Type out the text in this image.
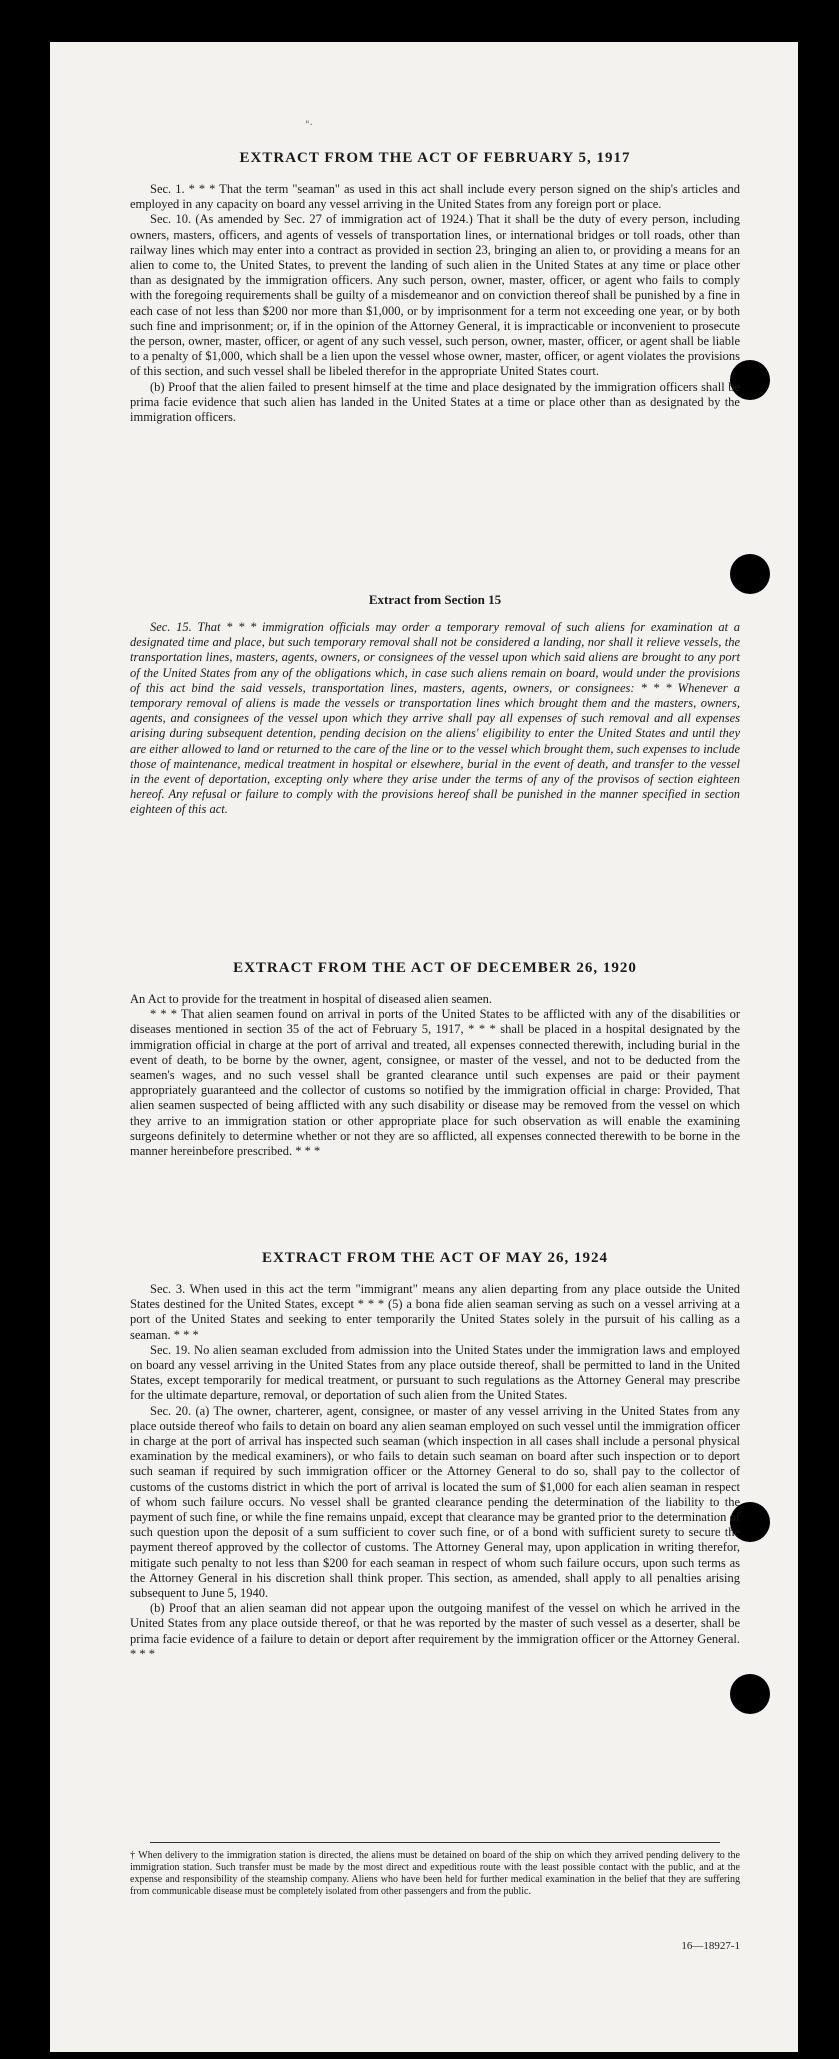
"·
EXTRACT FROM THE ACT OF FEBRUARY 5, 1917

Sec. 1. * * * That the term "seaman" as used in this act shall include every person signed on the ship's articles and employed in any capacity on board any vessel arriving in the United States from any foreign port or place.

Sec. 10. (As amended by Sec. 27 of immigration act of 1924.) That it shall be the duty of every person, including owners, masters, officers, and agents of vessels of transportation lines, or international bridges or toll roads, other than railway lines which may enter into a contract as provided in section 23, bringing an alien to, or providing a means for an alien to come to, the United States, to prevent the landing of such alien in the United States at any time or place other than as designated by the immigration officers. Any such person, owner, master, officer, or agent who fails to comply with the foregoing requirements shall be guilty of a misdemeanor and on conviction thereof shall be punished by a fine in each case of not less than $200 nor more than $1,000, or by imprisonment for a term not exceeding one year, or by both such fine and imprisonment; or, if in the opinion of the Attorney General, it is impracticable or inconvenient to prosecute the person, owner, master, officer, or agent of any such vessel, such person, owner, master, officer, or agent shall be liable to a penalty of $1,000, which shall be a lien upon the vessel whose owner, master, officer, or agent violates the provisions of this section, and such vessel shall be libeled therefor in the appropriate United States court.

(b) Proof that the alien failed to present himself at the time and place designated by the immigration officers shall be prima facie evidence that such alien has landed in the United States at a time or place other than as designated by the immigration officers.

Extract from Section 15

Sec. 15. That * * * immigration officials may order a temporary removal of such aliens for examination at a designated time and place, but such temporary removal shall not be considered a landing, nor shall it relieve vessels, the transportation lines, masters, agents, owners, or consignees of the vessel upon which said aliens are brought to any port of the United States from any of the obligations which, in case such aliens remain on board, would under the provisions of this act bind the said vessels, transportation lines, masters, agents, owners, or consignees: * * * Whenever a temporary removal of aliens is made the vessels or transportation lines which brought them and the masters, owners, agents, and consignees of the vessel upon which they arrive shall pay all expenses of such removal and all expenses arising during subsequent detention, pending decision on the aliens' eligibility to enter the United States and until they are either allowed to land or returned to the care of the line or to the vessel which brought them, such expenses to include those of maintenance, medical treatment in hospital or elsewhere, burial in the event of death, and transfer to the vessel in the event of deportation, excepting only where they arise under the terms of any of the provisos of section eighteen hereof. Any refusal or failure to comply with the provisions hereof shall be punished in the manner specified in section eighteen of this act.

EXTRACT FROM THE ACT OF DECEMBER 26, 1920

An Act to provide for the treatment in hospital of diseased alien seamen.

* * * That alien seamen found on arrival in ports of the United States to be afflicted with any of the disabilities or diseases mentioned in section 35 of the act of February 5, 1917, * * * shall be placed in a hospital designated by the immigration official in charge at the port of arrival and treated, all expenses connected therewith, including burial in the event of death, to be borne by the owner, agent, consignee, or master of the vessel, and not to be deducted from the seamen's wages, and no such vessel shall be granted clearance until such expenses are paid or their payment appropriately guaranteed and the collector of customs so notified by the immigration official in charge: Provided, That alien seamen suspected of being afflicted with any such disability or disease may be removed from the vessel on which they arrive to an immigration station or other appropriate place for such observation as will enable the examining surgeons definitely to determine whether or not they are so afflicted, all expenses connected therewith to be borne in the manner hereinbefore prescribed. * * *

EXTRACT FROM THE ACT OF MAY 26, 1924

Sec. 3. When used in this act the term "immigrant" means any alien departing from any place outside the United States destined for the United States, except * * * (5) a bona fide alien seaman serving as such on a vessel arriving at a port of the United States and seeking to enter temporarily the United States solely in the pursuit of his calling as a seaman. * * *

Sec. 19. No alien seaman excluded from admission into the United States under the immigration laws and employed on board any vessel arriving in the United States from any place outside thereof, shall be permitted to land in the United States, except temporarily for medical treatment, or pursuant to such regulations as the Attorney General may prescribe for the ultimate departure, removal, or deportation of such alien from the United States.

Sec. 20. (a) The owner, charterer, agent, consignee, or master of any vessel arriving in the United States from any place outside thereof who fails to detain on board any alien seaman employed on such vessel until the immigration officer in charge at the port of arrival has inspected such seaman (which inspection in all cases shall include a personal physical examination by the medical examiners), or who fails to detain such seaman on board after such inspection or to deport such seaman if required by such immigration officer or the Attorney General to do so, shall pay to the collector of customs of the customs district in which the port of arrival is located the sum of $1,000 for each alien seaman in respect of whom such failure occurs. No vessel shall be granted clearance pending the determination of the liability to the payment of such fine, or while the fine remains unpaid, except that clearance may be granted prior to the determination of such question upon the deposit of a sum sufficient to cover such fine, or of a bond with sufficient surety to secure the payment thereof approved by the collector of customs. The Attorney General may, upon application in writing therefor, mitigate such penalty to not less than $200 for each seaman in respect of whom such failure occurs, upon such terms as the Attorney General in his discretion shall think proper. This section, as amended, shall apply to all penalties arising subsequent to June 5, 1940.

(b) Proof that an alien seaman did not appear upon the outgoing manifest of the vessel on which he arrived in the United States from any place outside thereof, or that he was reported by the master of such vessel as a deserter, shall be prima facie evidence of a failure to detain or deport after requirement by the immigration officer or the Attorney General. * * *

† When delivery to the immigration station is directed, the aliens must be detained on board of the ship on which they arrived pending delivery to the immigration station. Such transfer must be made by the most direct and expeditious route with the least possible contact with the public, and at the expense and responsibility of the steamship company. Aliens who have been held for further medical examination in the belief that they are suffering from communicable disease must be completely isolated from other passengers and from the public.
16—18927-1
